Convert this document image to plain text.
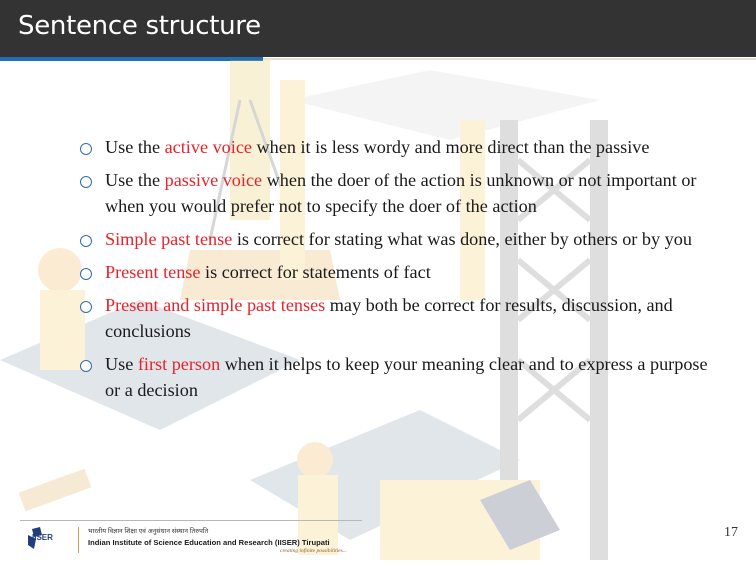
Sentence structure
Use the active voice when it is less wordy and more direct than the passive
Use the passive voice when the doer of the action is unknown or not important or when you would prefer not to specify the doer of the action
Simple past tense is correct for stating what was done, either by others or by you
Present tense is correct for statements of fact
Present and simple past tenses may both be correct for results, discussion, and conclusions
Use first person when it helps to keep your meaning clear and to express a purpose or a decision
IISER
भारतीय विज्ञान शिक्षा एवं अनुसंधान संस्थान तिरुपति
Indian Institute of Science Education and Research (IISER) Tirupati
creating infinite possibilities...
17
